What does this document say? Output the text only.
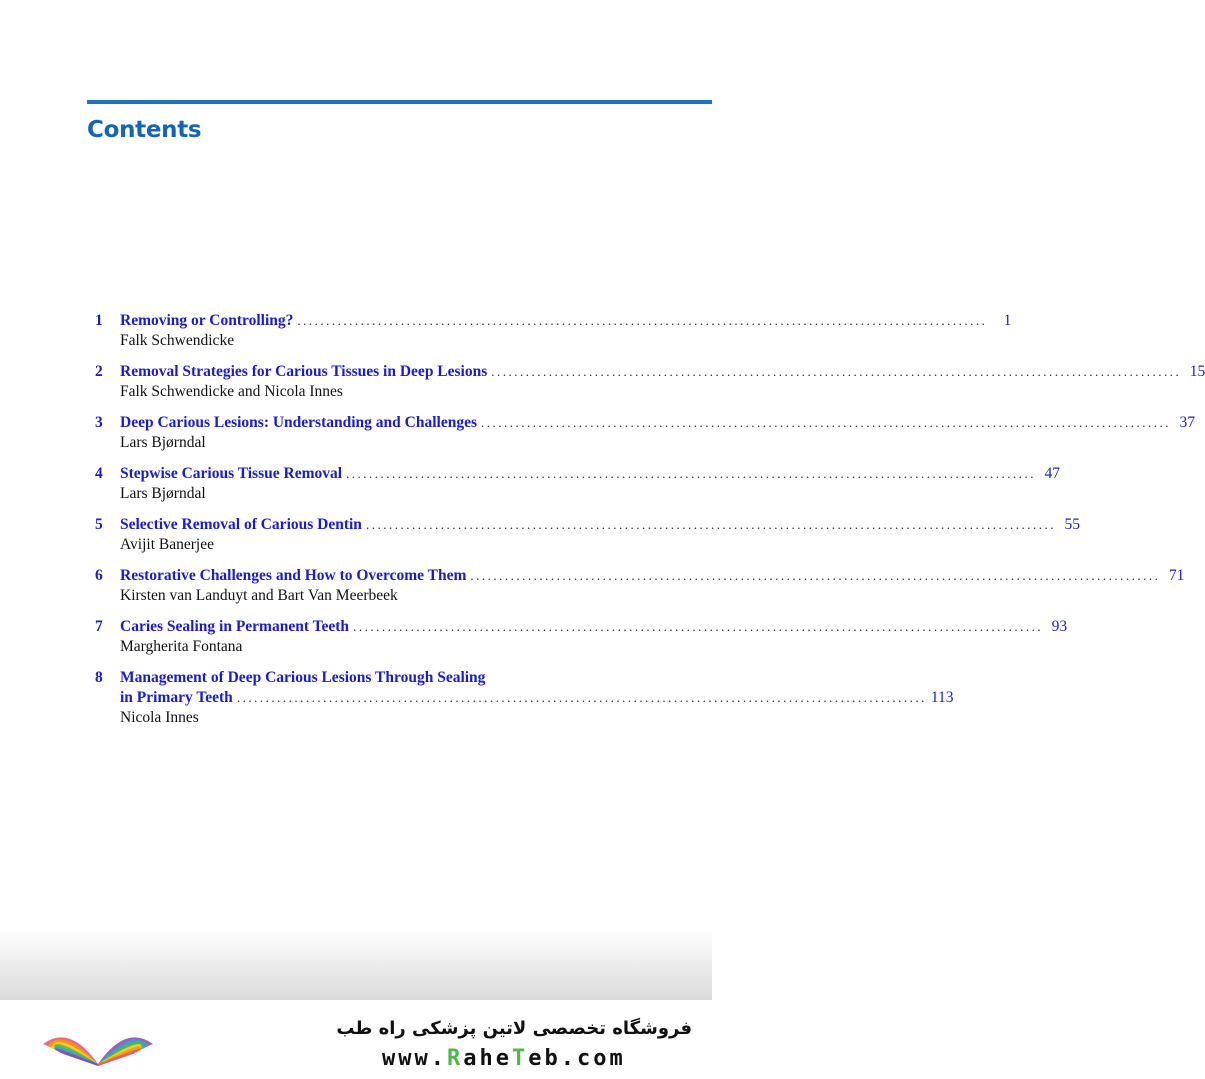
Contents
1	Removing or Controlling? ........................................................................................................................	1
Falk Schwendicke
2	Removal Strategies for Carious Tissues in Deep Lesions ........................................................................................................................ 15
Falk Schwendicke and Nicola Innes
3	Deep Carious Lesions: Understanding and Challenges ........................................................................................................................ 37
Lars Bjørndal
4	Stepwise Carious Tissue Removal ........................................................................................................................ 47
Lars Bjørndal
5	Selective Removal of Carious Dentin ........................................................................................................................ 55
Avijit Banerjee
6	Restorative Challenges and How to Overcome Them ........................................................................................................................ 71
Kirsten van Landuyt and Bart Van Meerbeek
7	Caries Sealing in Permanent Teeth ........................................................................................................................ 93
Margherita Fontana
8	Management of Deep Carious Lesions Through Sealing
in Primary Teeth ........................................................................................................................ 113
Nicola Innes
فروشگاه تخصصی لاتین پزشکی راه طب
www.RaheTeb.com
